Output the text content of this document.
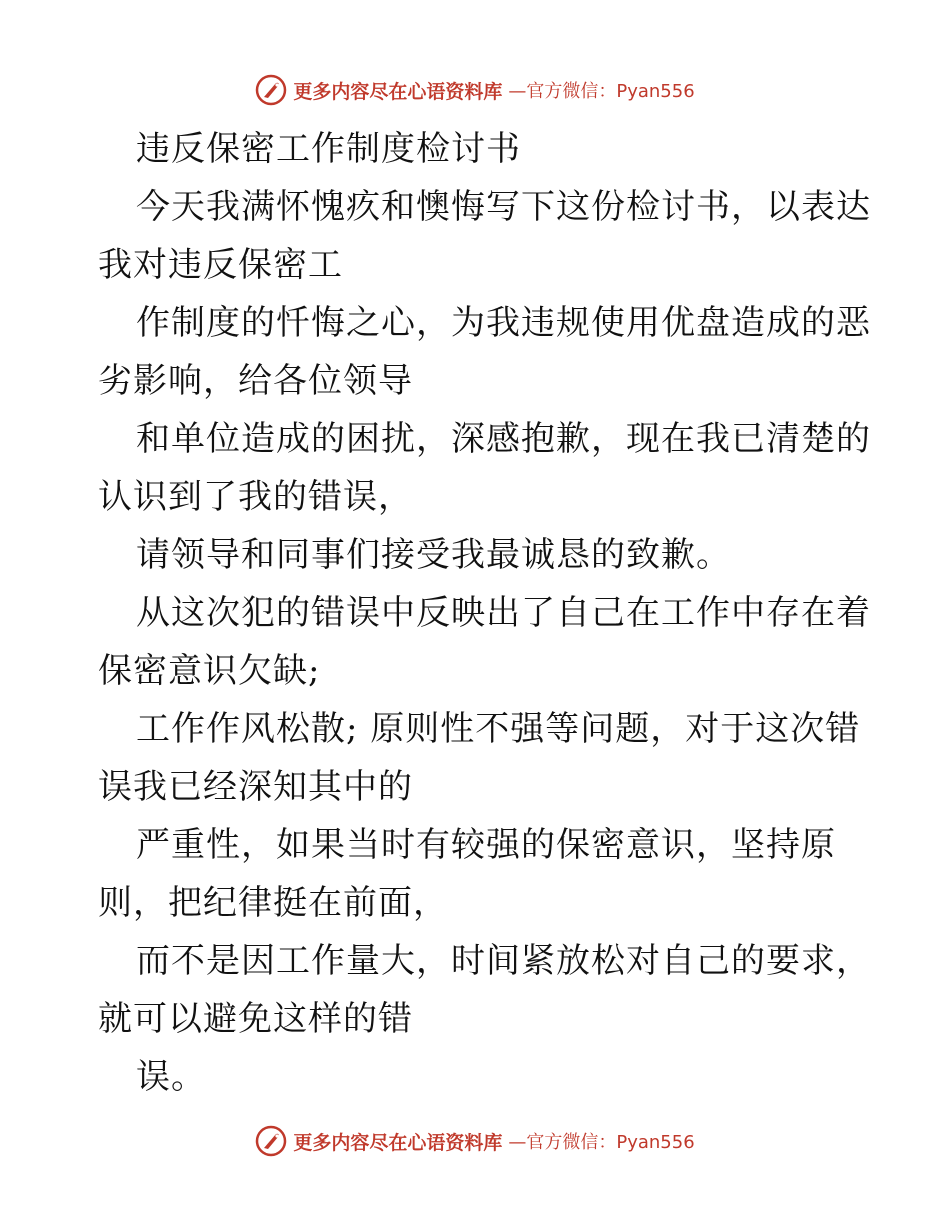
更多内容尽在心语资料库 —官方微信：Pyan556
违反保密工作制度检讨书
今天我满怀愧疚和懊悔写下这份检讨书，以表达
我对违反保密工
作制度的忏悔之心，为我违规使用优盘造成的恶
劣影响，给各位领导
和单位造成的困扰，深感抱歉，现在我已清楚的
认识到了我的错误，
请领导和同事们接受我最诚恳的致歉。
从这次犯的错误中反映出了自己在工作中存在着
保密意识欠缺;
工作作风松散; 原则性不强等问题，对于这次错
误我已经深知其中的
严重性，如果当时有较强的保密意识，坚持原
则，把纪律挺在前面，
而不是因工作量大，时间紧放松对自己的要求，
就可以避免这样的错
误。
更多内容尽在心语资料库 —官方微信：Pyan556
